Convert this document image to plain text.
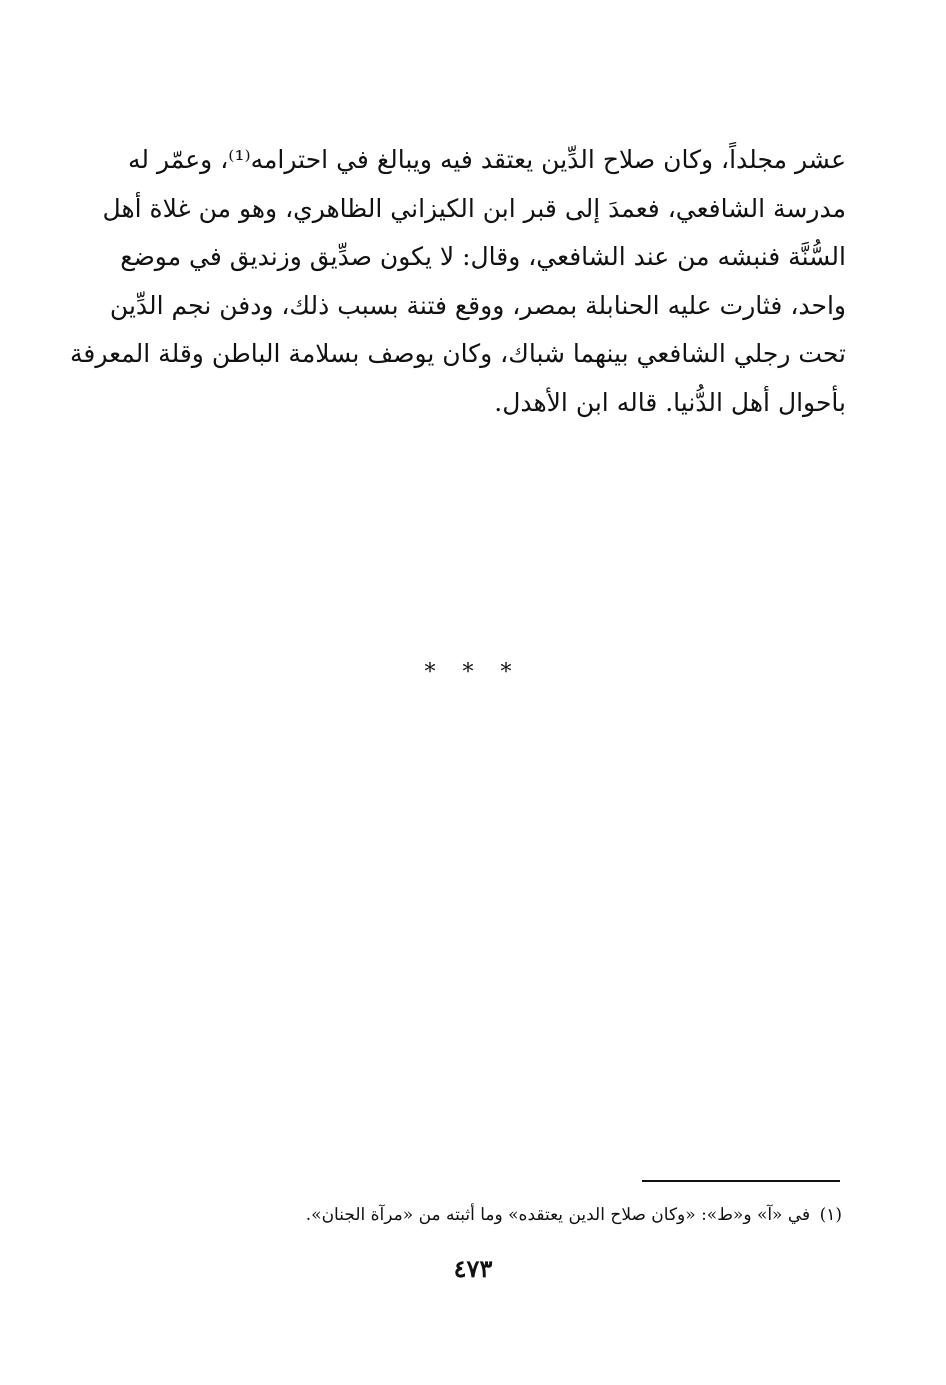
عشر مجلداً، وكان صلاح الدِّين يعتقد فيه ويبالغ في احترامه⁽¹⁾، وعمّر له
مدرسة الشافعي، فعمدَ إلى قبر ابن الكيزاني الظاهري، وهو من غلاة أهل
السُّنَّة فنبشه من عند الشافعي، وقال: لا يكون صدِّيق وزنديق في موضع
واحد، فثارت عليه الحنابلة بمصر، ووقع فتنة بسبب ذلك، ودفن نجم الدِّين
تحت رجلي الشافعي بينهما شباك، وكان يوصف بسلامة الباطن وقلة المعرفة
بأحوال أهل الدُّنيا. قاله ابن الأهدل.
* * *
(١) في «آ» و«ط»: «وكان صلاح الدين يعتقده» وما أثبته من «مرآة الجنان».
٤٧٣
